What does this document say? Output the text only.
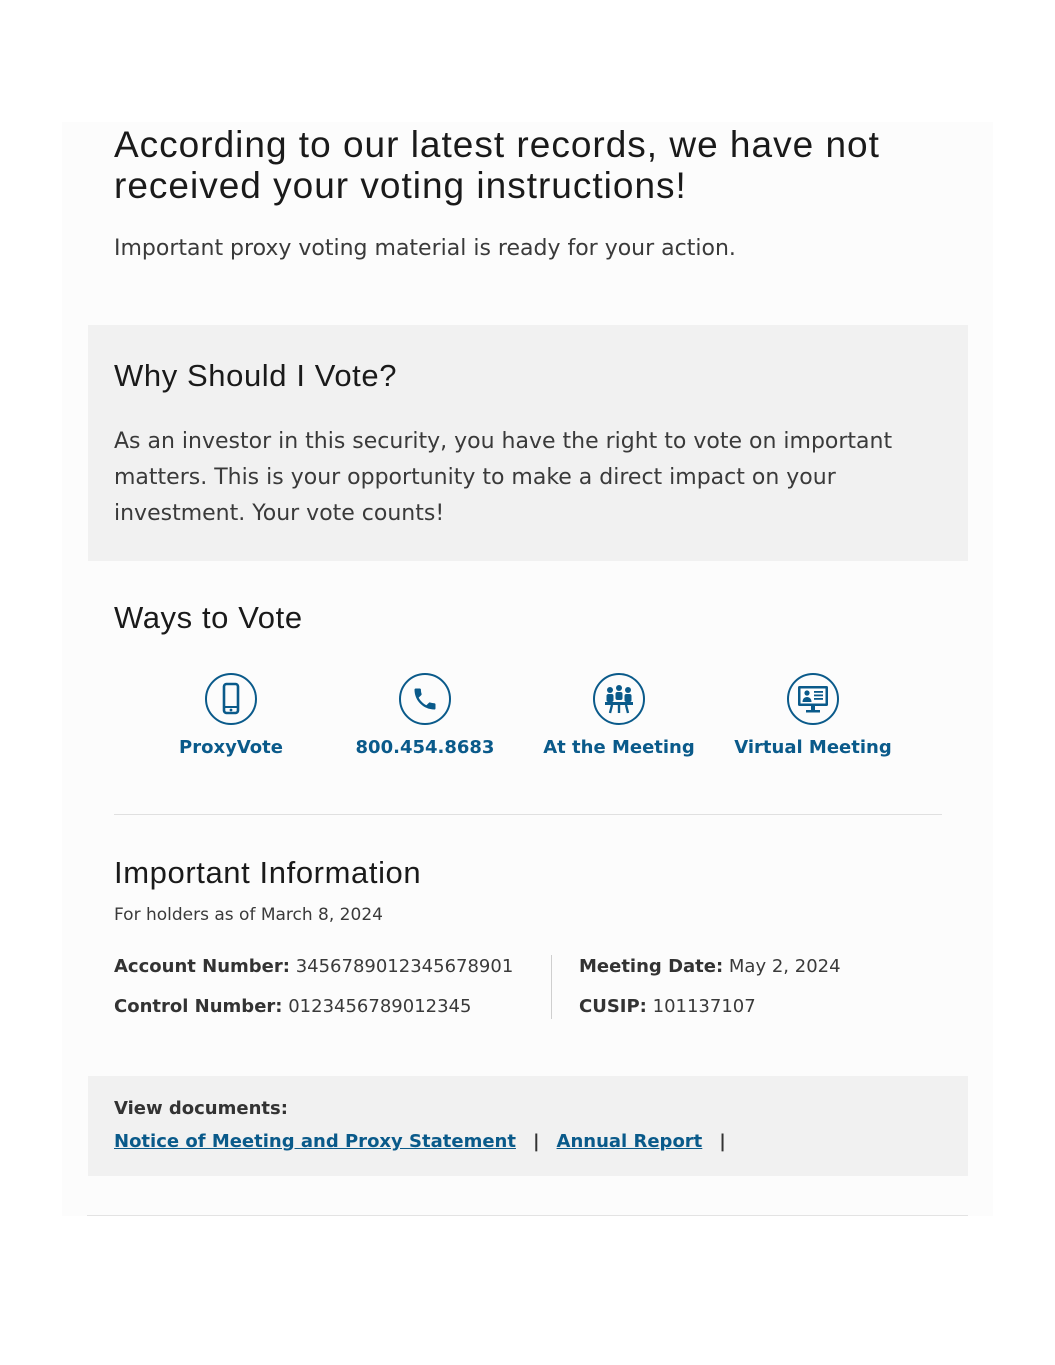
According to our latest records, we have not received your voting instructions!

Important proxy voting material is ready for your action.

Why Should I Vote?

As an investor in this security, you have the right to vote on important matters. This is your opportunity to make a direct impact on your investment. Your vote counts!

Ways to Vote
ProxyVote	800.454.8683	At the Meeting	Virtual Meeting
Important Information

For holders as of March 8, 2024

Account Number: 3456789012345678901
Control Number: 0123456789012345
Meeting Date: May 2, 2024
CUSIP: 101137107
View documents:
Notice of Meeting and Proxy Statement | Annual Report |
